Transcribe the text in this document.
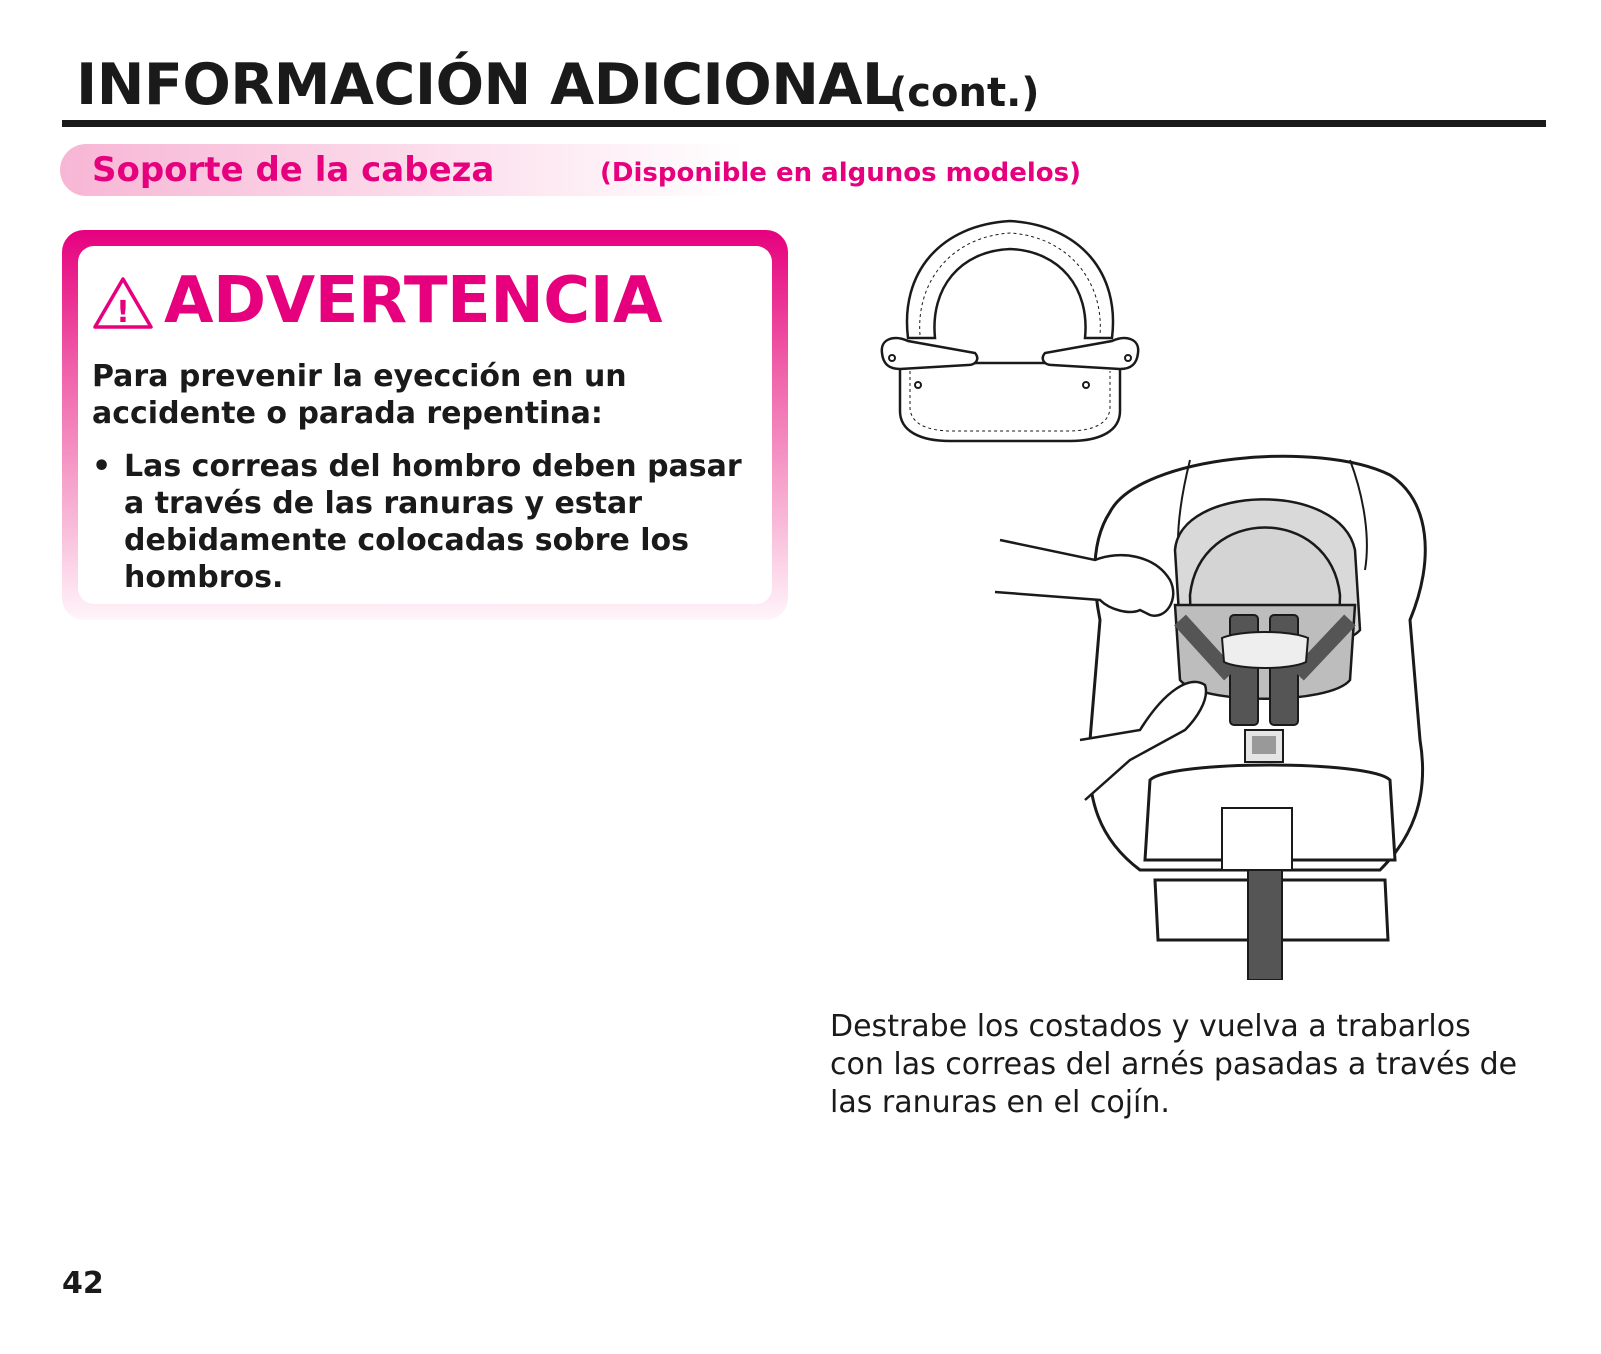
INFORMACIÓN ADICIONAL
(cont.)
Soporte de la cabeza	(Disponible en algunos modelos)
! ADVERTENCIA
Para prevenir la eyección en un accidente o parada repentina:
• Las correas del hombro deben pasar a través de las ranuras y estar debidamente colocadas sobre los hombros.
Destrabe los costados y vuelva a trabarlos con las correas del arnés pasadas a través de las ranuras en el cojín.
42
